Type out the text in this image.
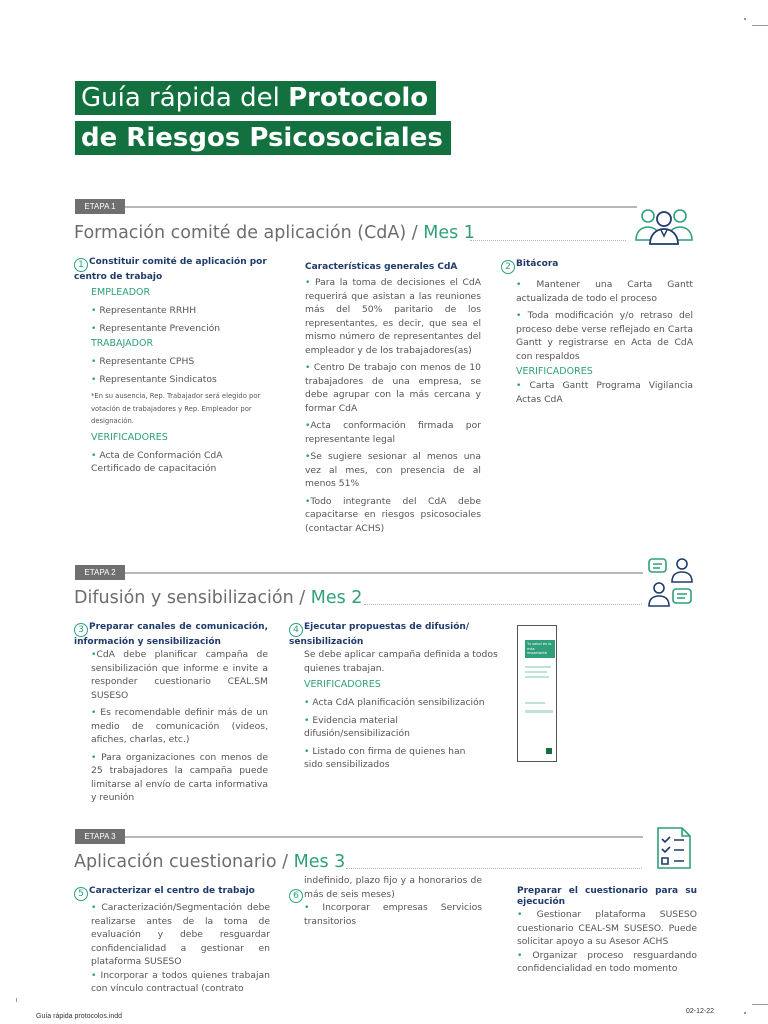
Guía rápida del Protocolo
de Riesgos Psicosociales
ETAPA 1
Formación comité de aplicación (CdA) / Mes 1
1 Constituir comité de aplicación por centro de trabajo
EMPLEADOR
• Representante RRHH
• Representante Prevención
TRABAJADOR
• Representante CPHS
• Representante Sindicatos
*En su ausencia, Rep. Trabajador será elegido por votación de trabajadores y Rep. Empleador por designación.
VERIFICADORES
• Acta de Conformación CdA
Certificado de capacitación
Características generales CdA
• Para la toma de decisiones el CdA requerirá que asistan a las reuniones más del 50% paritario de los representantes, es decir, que sea el mismo número de representantes del empleador y de los trabajadores(as)
• Centro De trabajo con menos de 10 trabajadores de una empresa, se debe agrupar con la más cercana y formar CdA
•Acta conformación firmada por representante legal
•Se sugiere sesionar al menos una vez al mes, con presencia de al menos 51%
•Todo integrante del CdA debe capacitarse en riesgos psicosociales (contactar ACHS)
2 Bitácora
• Mantener una Carta Gantt actualizada de todo el proceso
• Toda modificación y/o retraso del proceso debe verse reflejado en Carta Gantt y registrarse en Acta de CdA con respaldos
VERIFICADORES
• Carta Gantt Programa Vigilancia Actas CdA
ETAPA 2
Difusión y sensibilización / Mes 2
3 Preparar canales de comunicación, información y sensibilización
•CdA debe planificar campaña de sensibilización que informe e invite a responder cuestionario CEAL.SM SUSESO
• Es recomendable definir más de un medio de comunicación (videos, afiches, charlas, etc.)
• Para organizaciones con menos de 25 trabajadores la campaña puede limitarse al envío de carta informativa y reunión
4 Ejecutar propuestas de difusión/ sensibilización
Se debe aplicar campaña definida a todos quienes trabajan.
VERIFICADORES
• Acta CdA planificación sensibilización
• Evidencia material difusión/sensibilización
• Listado con firma de quienes han sido sensibilizados
Tu salud es lo más importante
ETAPA 3
Aplicación cuestionario / Mes 3
5 Caracterizar el centro de trabajo
• Caracterización/Segmentación debe realizarse antes de la toma de evaluación y debe resguardar confidencialidad a gestionar en plataforma SUSESO
• Incorporar a todos quienes trabajan con vínculo contractual (contrato
indefinido, plazo fijo y a honorarios de más de seis meses)
6
• Incorporar empresas Servicios transitorios
Preparar el cuestionario para su ejecución
• Gestionar plataforma SUSESO cuestionario CEAL-SM SUSESO. Puede solicitar apoyo a su Asesor ACHS
• Organizar proceso resguardando confidencialidad en todo momento
Guía rápida protocolos.indd
02-12-22
